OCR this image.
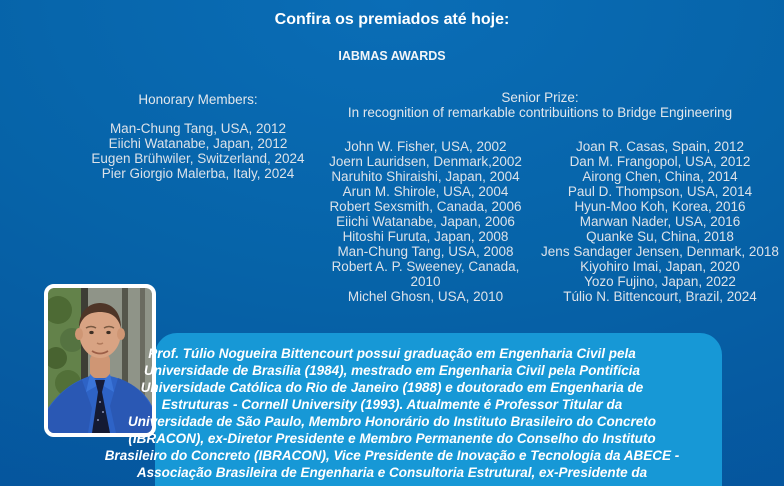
Confira os premiados até hoje:
IABMAS AWARDS
Honorary Members:	Senior Prize:
In recognition of remarkable contribuitions to Bridge Engineering
Man-Chung Tang, USA, 2012
Eiichi Watanabe, Japan, 2012
Eugen Brühwiler, Switzerland, 2024
Pier Giorgio Malerba, Italy, 2024
John W. Fisher, USA, 2002
Joern Lauridsen, Denmark,2002
Naruhito Shiraishi, Japan, 2004
Arun M. Shirole, USA, 2004
Robert Sexsmith, Canada, 2006
Eiichi Watanabe, Japan, 2006
Hitoshi Furuta, Japan, 2008
Man-Chung Tang, USA, 2008
Robert A. P. Sweeney, Canada, 2010
Michel Ghosn, USA, 2010
Joan R. Casas, Spain, 2012
Dan M. Frangopol, USA, 2012
Airong Chen, China, 2014
Paul D. Thompson, USA, 2014
Hyun-Moo Koh, Korea, 2016
Marwan Nader, USA, 2016
Quanke Su, China, 2018
Jens Sandager Jensen, Denmark, 2018
Kiyohiro Imai, Japan, 2020
Yozo Fujino, Japan, 2022
Túlio N. Bittencourt, Brazil, 2024
Prof. Túlio Nogueira Bittencourt possui graduação em Engenharia Civil pela
Universidade de Brasília (1984), mestrado em Engenharia Civil pela Pontifícia
Universidade Católica do Rio de Janeiro (1988) e doutorado em Engenharia de
Estruturas - Cornell University (1993). Atualmente é Professor Titular da
Universidade de São Paulo, Membro Honorário do Instituto Brasileiro do Concreto
(IBRACON), ex-Diretor Presidente e Membro Permanente do Conselho do Instituto
Brasileiro do Concreto (IBRACON), Vice Presidente de Inovação e Tecnologia da ABECE -
Associação Brasileira de Engenharia e Consultoria Estrutural, ex-Presidente da
